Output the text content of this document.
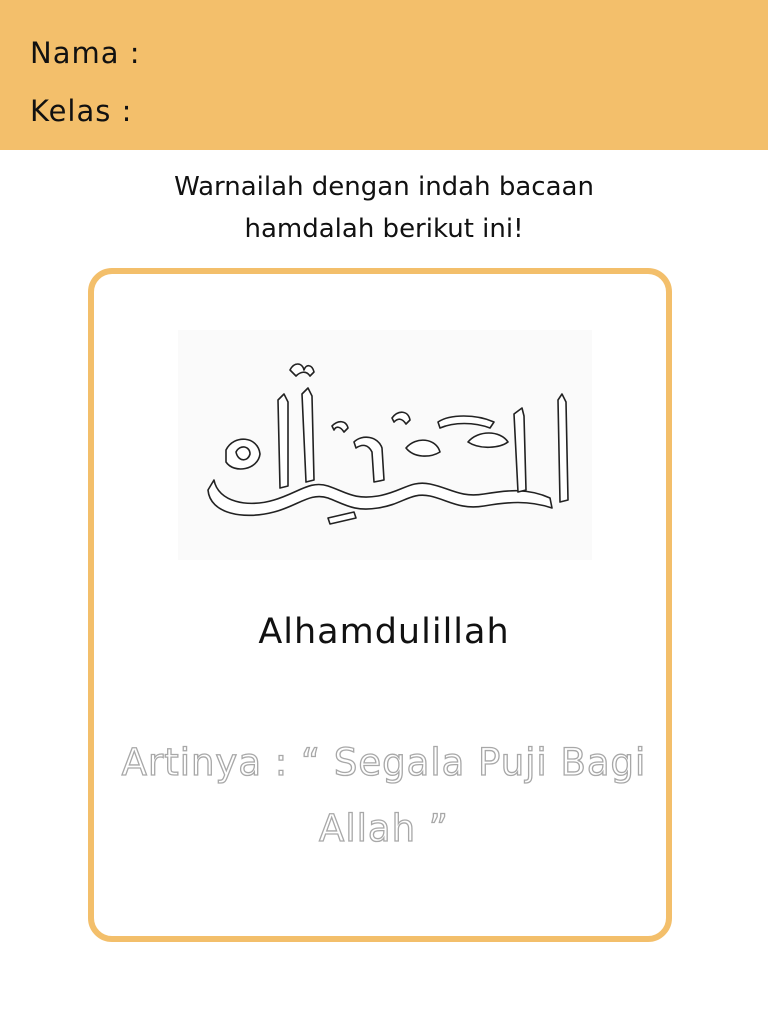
Nama :

Kelas :

Warnailah dengan indah bacaan
hamdalah berikut ini!

Alhamdulillah

Artinya : “ Segala Puji Bagi
Allah ”
